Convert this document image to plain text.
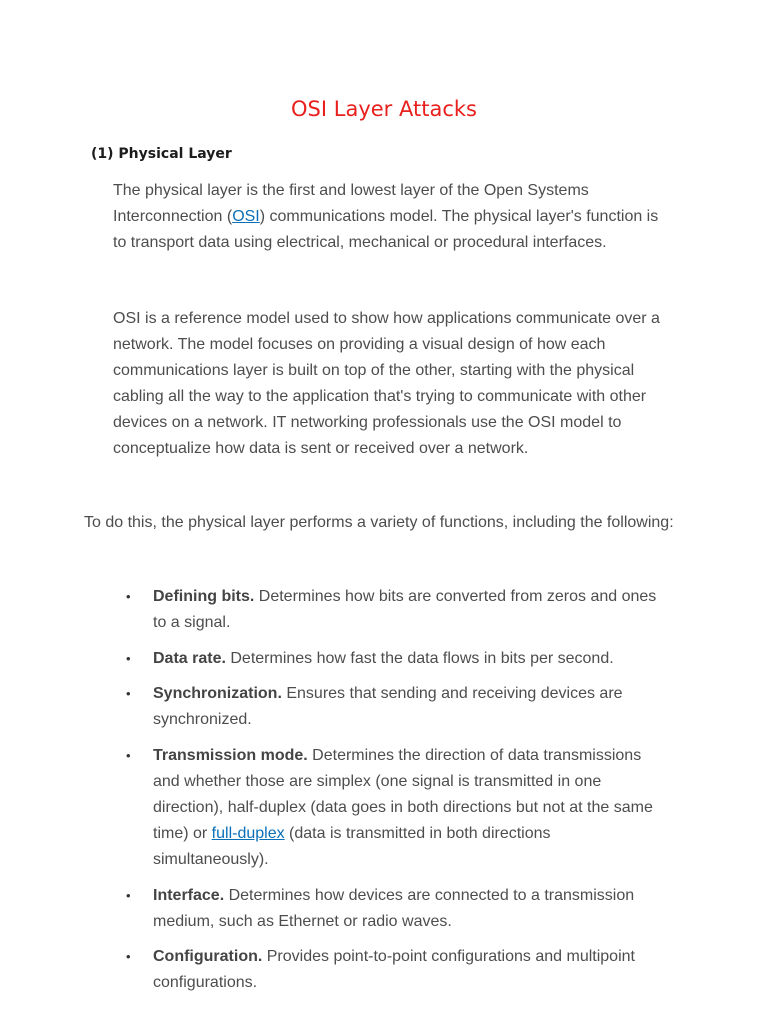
OSI Layer Attacks
(1) Physical Layer

The physical layer is the first and lowest layer of the Open Systems Interconnection (OSI) communications model. The physical layer's function is to transport data using electrical, mechanical or procedural interfaces.

OSI is a reference model used to show how applications communicate over a network. The model focuses on providing a visual design of how each communications layer is built on top of the other, starting with the physical cabling all the way to the application that's trying to communicate with other devices on a network. IT networking professionals use the OSI model to conceptualize how data is sent or received over a network.

To do this, the physical layer performs a variety of functions, including the following:

•	Defining bits. Determines how bits are converted from zeros and ones to a signal.
•	Data rate. Determines how fast the data flows in bits per second.
•	Synchronization. Ensures that sending and receiving devices are synchronized.
•	Transmission mode. Determines the direction of data transmissions and whether those are simplex (one signal is transmitted in one direction), half-duplex (data goes in both directions but not at the same time) or full-duplex (data is transmitted in both directions simultaneously).
•	Interface. Determines how devices are connected to a transmission medium, such as Ethernet or radio waves.
•	Configuration. Provides point-to-point configurations and multipoint configurations.
